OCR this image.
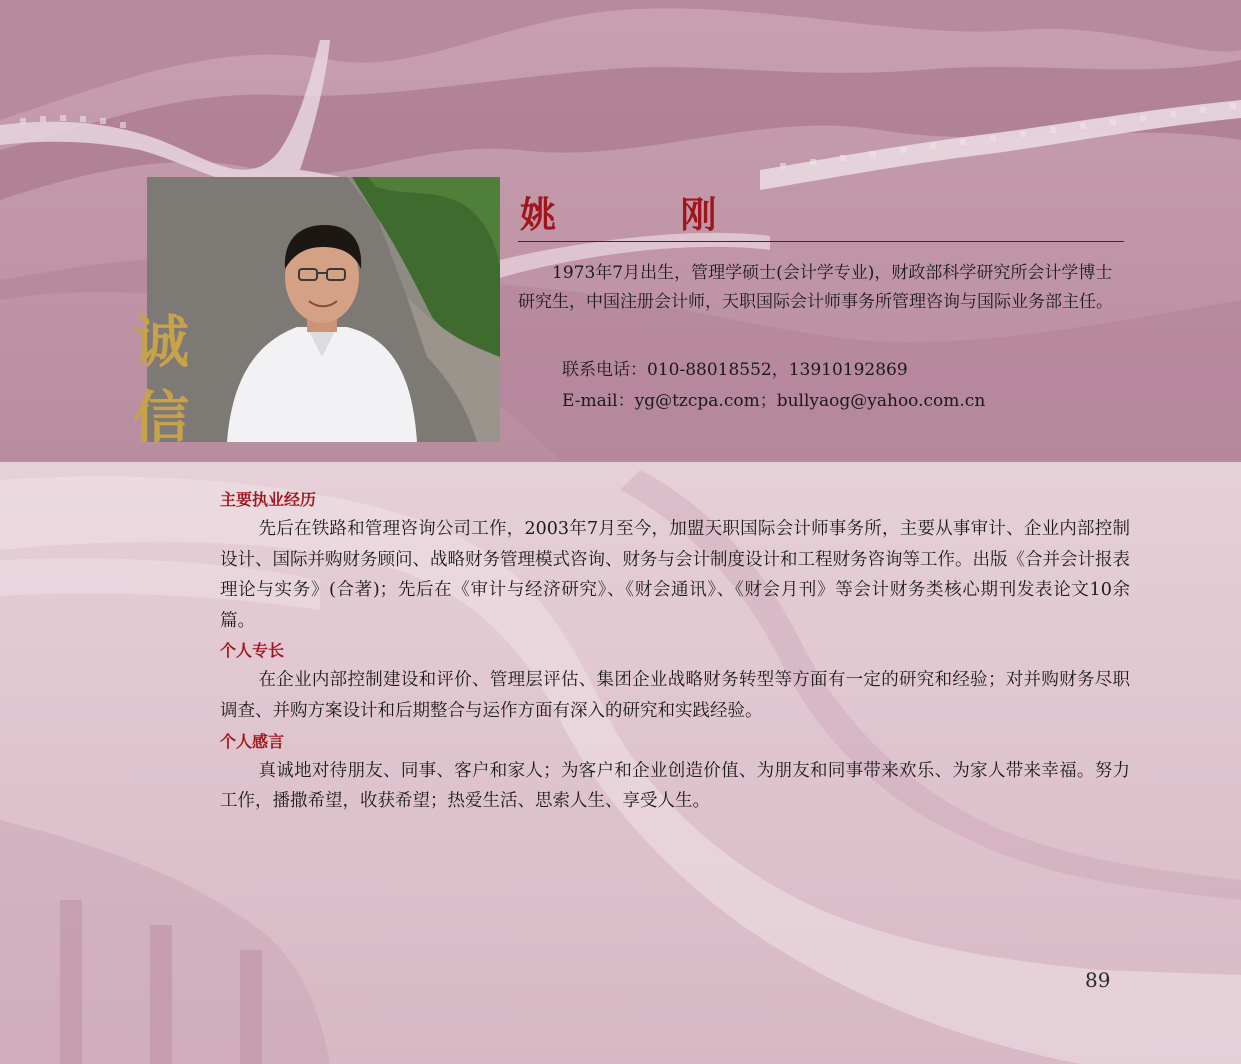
诚 信
姚 刚

1973年7月出生，管理学硕士(会计学专业)，财政部科学研究所会计学博士研究生，中国注册会计师，天职国际会计师事务所管理咨询与国际业务部主任。

联系电话：010-88018552，13910192869
E-mail：yg@tzcpa.com；bullyaog@yahoo.com.cn

主要执业经历

先后在铁路和管理咨询公司工作，2003年7月至今，加盟天职国际会计师事务所，主要从事审计、企业内部控制设计、国际并购财务顾问、战略财务管理模式咨询、财务与会计制度设计和工程财务咨询等工作。出版《合并会计报表理论与实务》(合著)；先后在《审计与经济研究》、《财会通讯》、《财会月刊》等会计财务类核心期刊发表论文10余篇。

个人专长

在企业内部控制建设和评价、管理层评估、集团企业战略财务转型等方面有一定的研究和经验；对并购财务尽职调查、并购方案设计和后期整合与运作方面有深入的研究和实践经验。

个人感言

真诚地对待朋友、同事、客户和家人；为客户和企业创造价值、为朋友和同事带来欢乐、为家人带来幸福。努力工作，播撒希望，收获希望；热爱生活、思索人生、享受人生。

89
